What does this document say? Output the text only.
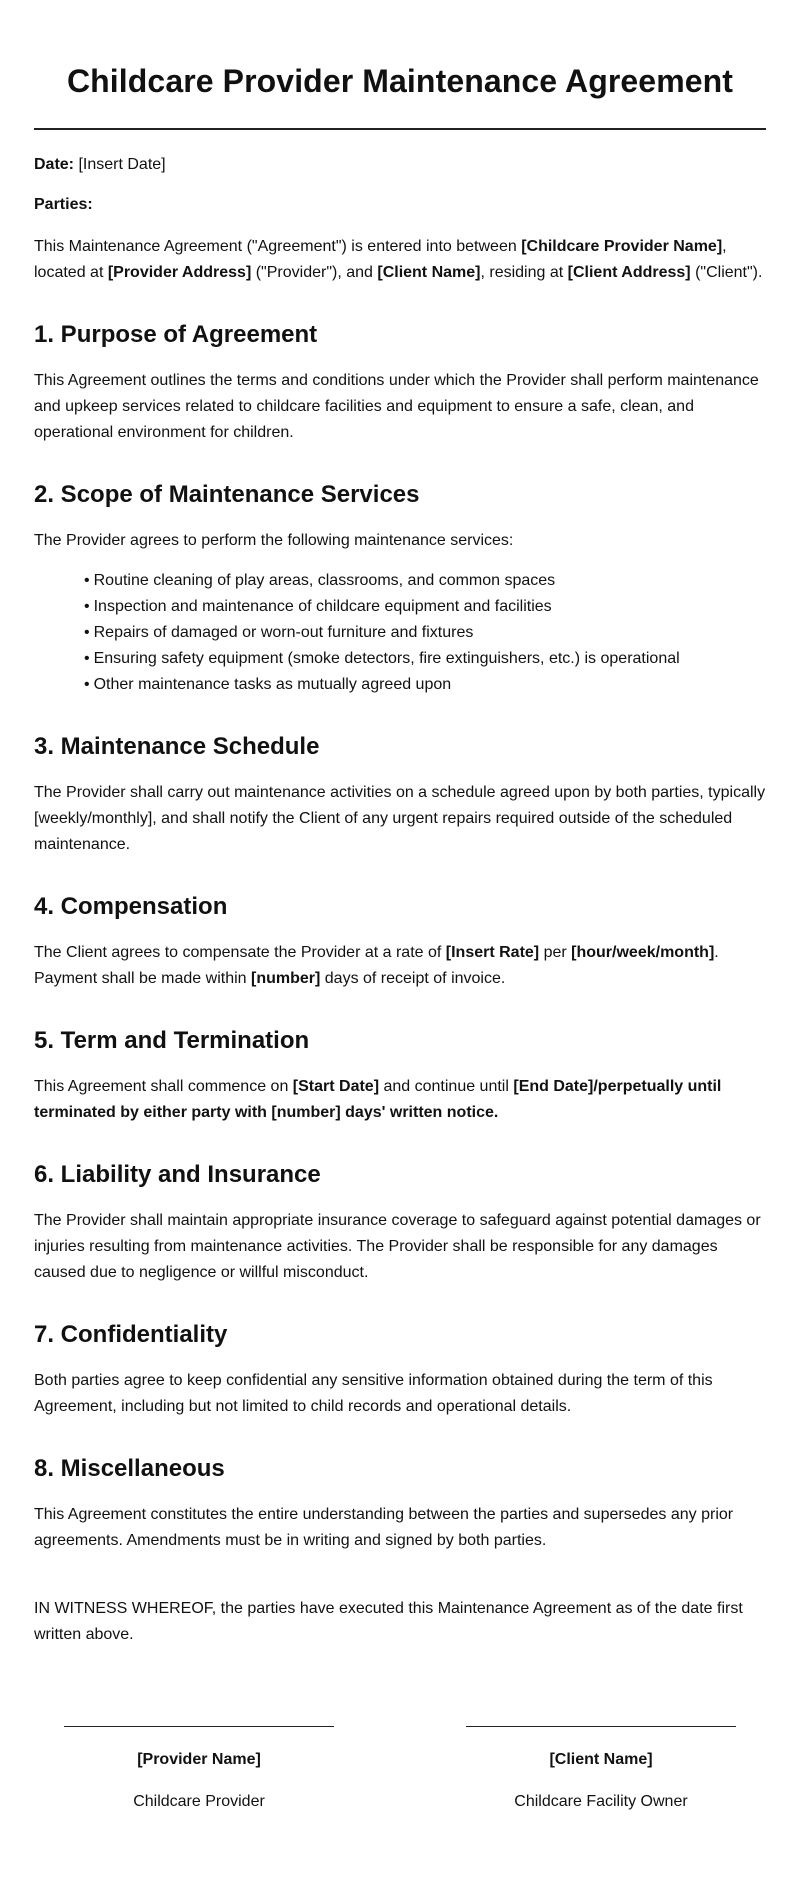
Childcare Provider Maintenance Agreement

Date: [Insert Date]

Parties:

This Maintenance Agreement ("Agreement") is entered into between [Childcare Provider Name], located at [Provider Address] ("Provider"), and [Client Name], residing at [Client Address] ("Client").

1. Purpose of Agreement

This Agreement outlines the terms and conditions under which the Provider shall perform maintenance and upkeep services related to childcare facilities and equipment to ensure a safe, clean, and operational environment for children.

2. Scope of Maintenance Services

The Provider agrees to perform the following maintenance services:

• Routine cleaning of play areas, classrooms, and common spaces
• Inspection and maintenance of childcare equipment and facilities
• Repairs of damaged or worn-out furniture and fixtures
• Ensuring safety equipment (smoke detectors, fire extinguishers, etc.) is operational
• Other maintenance tasks as mutually agreed upon
3. Maintenance Schedule

The Provider shall carry out maintenance activities on a schedule agreed upon by both parties, typically [weekly/monthly], and shall notify the Client of any urgent repairs required outside of the scheduled maintenance.

4. Compensation

The Client agrees to compensate the Provider at a rate of [Insert Rate] per [hour/week/month]. Payment shall be made within [number] days of receipt of invoice.

5. Term and Termination

This Agreement shall commence on [Start Date] and continue until [End Date]/perpetually until terminated by either party with [number] days' written notice.

6. Liability and Insurance

The Provider shall maintain appropriate insurance coverage to safeguard against potential damages or injuries resulting from maintenance activities. The Provider shall be responsible for any damages caused due to negligence or willful misconduct.

7. Confidentiality

Both parties agree to keep confidential any sensitive information obtained during the term of this Agreement, including but not limited to child records and operational details.

8. Miscellaneous

This Agreement constitutes the entire understanding between the parties and supersedes any prior agreements. Amendments must be in writing and signed by both parties.

IN WITNESS WHEREOF, the parties have executed this Maintenance Agreement as of the date first written above.

[Provider Name]
Childcare Provider
[Client Name]
Childcare Facility Owner
